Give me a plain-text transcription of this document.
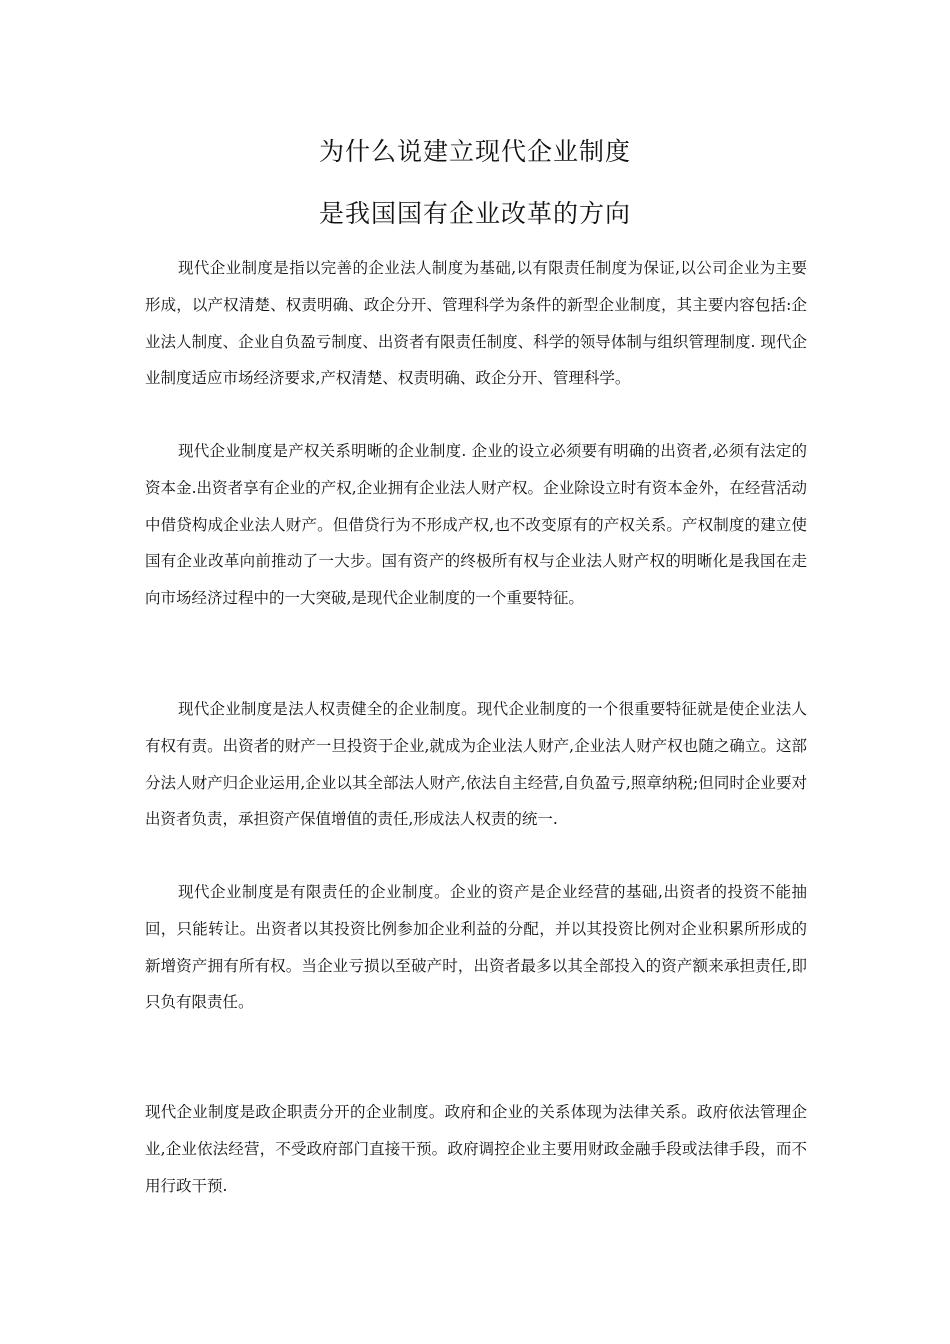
为什么说建立现代企业制度
是我国国有企业改革的方向

现代企业制度是指以完善的企业法人制度为基础,以有限责任制度为保证,以公司企业为主要形成，以产权清楚、权责明确、政企分开、管理科学为条件的新型企业制度，其主要内容包括:企业法人制度、企业自负盈亏制度、出资者有限责任制度、科学的领导体制与组织管理制度. 现代企业制度适应市场经济要求,产权清楚、权责明确、政企分开、管理科学。

现代企业制度是产权关系明晰的企业制度. 企业的设立必须要有明确的出资者,必须有法定的资本金.出资者享有企业的产权,企业拥有企业法人财产权。企业除设立时有资本金外，在经营活动中借贷构成企业法人财产。但借贷行为不形成产权,也不改变原有的产权关系。产权制度的建立使国有企业改革向前推动了一大步。国有资产的终极所有权与企业法人财产权的明晰化是我国在走向市场经济过程中的一大突破,是现代企业制度的一个重要特征。

现代企业制度是法人权责健全的企业制度。现代企业制度的一个很重要特征就是使企业法人有权有责。出资者的财产一旦投资于企业,就成为企业法人财产,企业法人财产权也随之确立。这部分法人财产归企业运用,企业以其全部法人财产,依法自主经营,自负盈亏,照章纳税;但同时企业要对出资者负责，承担资产保值增值的责任,形成法人权责的统一.

现代企业制度是有限责任的企业制度。企业的资产是企业经营的基础,出资者的投资不能抽回，只能转让。出资者以其投资比例参加企业利益的分配，并以其投资比例对企业积累所形成的新增资产拥有所有权。当企业亏损以至破产时，出资者最多以其全部投入的资产额来承担责任,即只负有限责任。

现代企业制度是政企职责分开的企业制度。政府和企业的关系体现为法律关系。政府依法管理企业,企业依法经营，不受政府部门直接干预。政府调控企业主要用财政金融手段或法律手段，而不用行政干预.
